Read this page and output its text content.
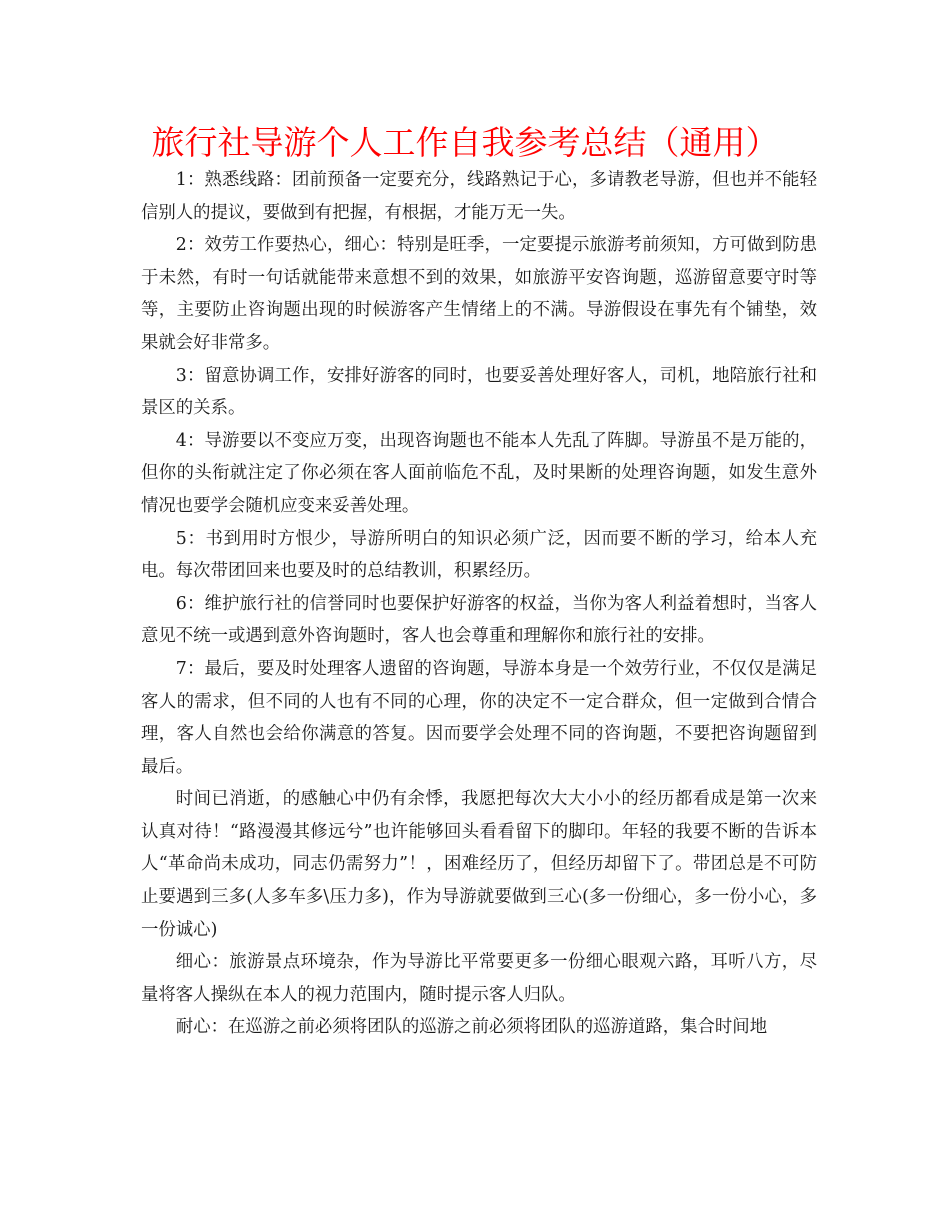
旅行社导游个人工作自我参考总结（通用）

1：熟悉线路：团前预备一定要充分，线路熟记于心，多请教老导游，但也并不能轻信别人的提议，要做到有把握，有根据，才能万无一失。

2：效劳工作要热心，细心：特别是旺季，一定要提示旅游考前须知，方可做到防患于未然，有时一句话就能带来意想不到的效果，如旅游平安咨询题，巡游留意要守时等等，主要防止咨询题出现的时候游客产生情绪上的不满。导游假设在事先有个铺垫，效果就会好非常多。

3：留意协调工作，安排好游客的同时，也要妥善处理好客人，司机，地陪旅行社和景区的关系。

4：导游要以不变应万变，出现咨询题也不能本人先乱了阵脚。导游虽不是万能的，但你的头衔就注定了你必须在客人面前临危不乱，及时果断的处理咨询题，如发生意外情况也要学会随机应变来妥善处理。

5：书到用时方恨少，导游所明白的知识必须广泛，因而要不断的学习，给本人充电。每次带团回来也要及时的总结教训，积累经历。

6：维护旅行社的信誉同时也要保护好游客的权益，当你为客人利益着想时，当客人意见不统一或遇到意外咨询题时，客人也会尊重和理解你和旅行社的安排。

7：最后，要及时处理客人遗留的咨询题，导游本身是一个效劳行业，不仅仅是满足客人的需求，但不同的人也有不同的心理，你的决定不一定合群众，但一定做到合情合理，客人自然也会给你满意的答复。因而要学会处理不同的咨询题，不要把咨询题留到最后。

时间已消逝，的感触心中仍有余悸，我愿把每次大大小小的经历都看成是第一次来认真对待！“路漫漫其修远兮”也许能够回头看看留下的脚印。年轻的我要不断的告诉本人“革命尚未成功，同志仍需努力”！，困难经历了，但经历却留下了。带团总是不可防止要遇到三多(人多车多\压力多)，作为导游就要做到三心(多一份细心，多一份小心，多一份诚心)

细心：旅游景点环境杂，作为导游比平常要更多一份细心眼观六路，耳听八方，尽量将客人操纵在本人的视力范围内，随时提示客人归队。

耐心：在巡游之前必须将团队的巡游之前必须将团队的巡游道路，集合时间地
